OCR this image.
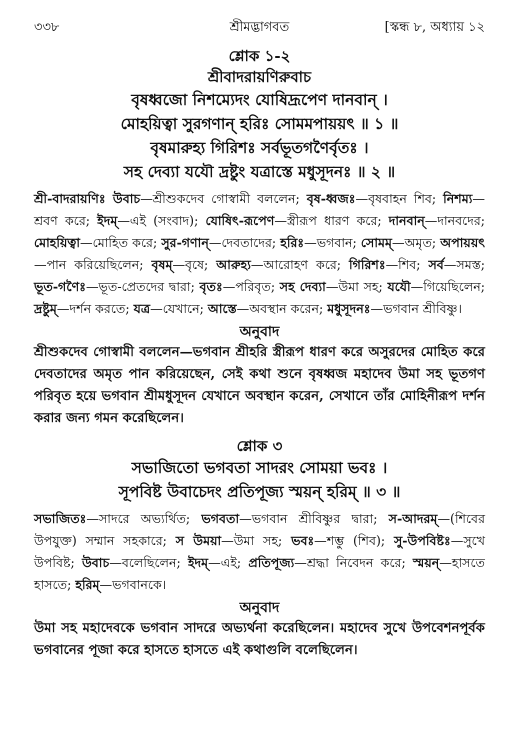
৩৩৮	শ্রীমদ্ভাগবত	[স্কন্ধ ৮, অধ্যায় ১২
শ্লোক ১-২
শ্রীবাদরায়ণিরুবাচ
বৃষধ্বজো নিশম্যেদং যোষিদ্রূপেণ দানবান্ ।
মোহয়িত্বা সুরগণান্ হরিঃ সোমমপায়য়ৎ ॥ ১ ॥
বৃষমারুহ্য গিরিশঃ সর্বভূতগণৈর্বৃতঃ ।
সহ দেব্যা যযৌ দ্রষ্টুং যত্রাস্তে মধুসূদনঃ ॥ ২ ॥
শ্রী-বাদরায়ণিঃ উবাচ—শ্রীশুকদেব গোস্বামী বললেন; বৃষ-ধ্বজঃ—বৃষবাহন শিব; নিশম্য—শ্রবণ করে; ইদম্—এই (সংবাদ); যোষিৎ-রূপেণ—স্ত্রীরূপ ধারণ করে; দানবান্—দানবদের; মোহয়িত্বা—মোহিত করে; সুর-গণান্—দেবতাদের; হরিঃ—ভগবান; সোমম্—অমৃত; অপায়য়ৎ—পান করিয়েছিলেন; বৃষম্—বৃষে; আরুহ্য—আরোহণ করে; গিরিশঃ—শিব; সর্ব—সমস্ত; ভূত-গণৈঃ—ভূত-প্রেতদের দ্বারা; বৃতঃ—পরিবৃত; সহ দেব্যা—উমা সহ; যযৌ—গিয়েছিলেন; দ্রষ্টুম্—দর্শন করতে; যত্র—যেখানে; আস্তে—অবস্থান করেন; মধুসূদনঃ—ভগবান শ্রীবিষ্ণু।
অনুবাদ
শ্রীশুকদেব গোস্বামী বললেন—ভগবান শ্রীহরি স্ত্রীরূপ ধারণ করে অসুরদের মোহিত করে দেবতাদের অমৃত পান করিয়েছেন, সেই কথা শুনে বৃষধ্বজ মহাদেব উমা সহ ভূতগণ পরিবৃত হয়ে ভগবান শ্রীমধুসূদন যেখানে অবস্থান করেন, সেখানে তাঁর মোহিনীরূপ দর্শন করার জন্য গমন করেছিলেন।
শ্লোক ৩
সভাজিতো ভগবতা সাদরং সোময়া ভবঃ ।
সূপবিষ্ট উবাচেদং প্রতিপূজ্য স্ময়ন্ হরিম্ ॥ ৩ ॥
সভাজিতঃ—সাদরে অভ্যর্থিত; ভগবতা—ভগবান শ্রীবিষ্ণুর দ্বারা; স-আদরম্—(শিবের উপযুক্ত) সম্মান সহকারে; স উময়া—উমা সহ; ভবঃ—শম্ভু (শিব); সু-উপবিষ্টঃ—সুখে উপবিষ্ট; উবাচ—বলেছিলেন; ইদম্—এই; প্রতিপূজ্য—শ্রদ্ধা নিবেদন করে; স্ময়ন্—হাসতে হাসতে; হরিম্—ভগবানকে।
অনুবাদ
উমা সহ মহাদেবকে ভগবান সাদরে অভ্যর্থনা করেছিলেন। মহাদেব সুখে উপবেশনপূর্বক ভগবানের পূজা করে হাসতে হাসতে এই কথাগুলি বলেছিলেন।
